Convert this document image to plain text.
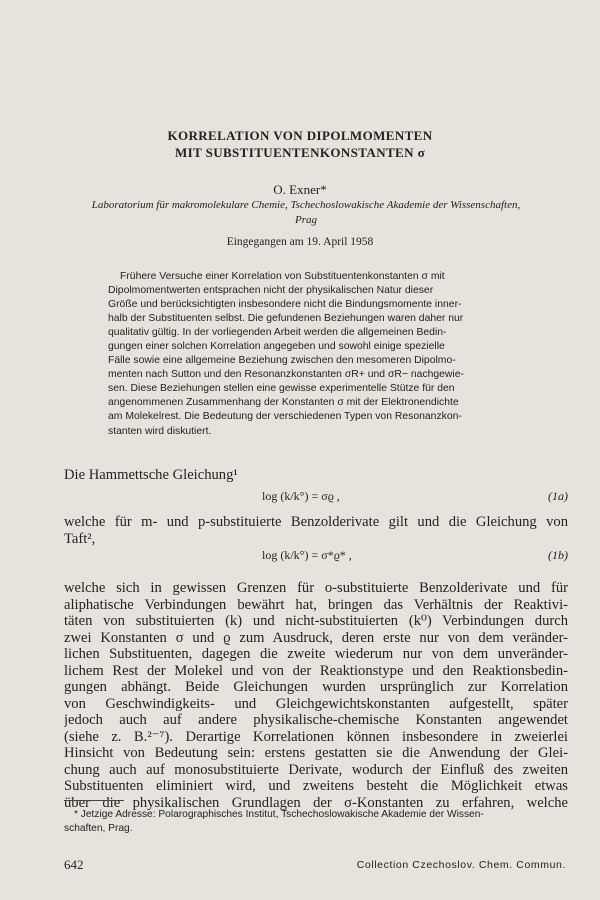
KORRELATION VON DIPOLMOMENTEN
MIT SUBSTITUENTENKONSTANTEN σ
O. Exner*
Laboratorium für makromolekulare Chemie, Tschechoslowakische Akademie der Wissenschaften,
Prag
Eingegangen am 19. April 1958
Frühere Versuche einer Korrelation von Substituentenkonstanten σ mit
Dipolmomentwerten entsprachen nicht der physikalischen Natur dieser
Größe und berücksichtigten insbesondere nicht die Bindungsmomente inner-
halb der Substituenten selbst. Die gefundenen Beziehungen waren daher nur
qualitativ gültig. In der vorliegenden Arbeit werden die allgemeinen Bedin-
gungen einer solchen Korrelation angegeben und sowohl einige spezielle
Fälle sowie eine allgemeine Beziehung zwischen den mesomeren Dipolmo-
menten nach Sutton und den Resonanzkonstanten σR+ und σR− nachgewie-
sen. Diese Beziehungen stellen eine gewisse experimentelle Stütze für den
angenommenen Zusammenhang der Konstanten σ mit der Elektronendichte
am Molekelrest. Die Bedeutung der verschiedenen Typen von Resonanzkon-
stanten wird diskutiert.
Die Hammettsche Gleichung¹
log (k/k°) = σϱ ,	(1a)
welche für m- und p-substituierte Benzolderivate gilt und die Gleichung von
Taft²,
log (k/k°) = σ*ϱ* ,	(1b)
welche sich in gewissen Grenzen für o-substituierte Benzolderivate und für
aliphatische Verbindungen bewährt hat, bringen das Verhältnis der Reaktivi-
täten von substituierten (k) und nicht-substituierten (k⁰) Verbindungen durch
zwei Konstanten σ und ϱ zum Ausdruck, deren erste nur von dem veränder-
lichen Substituenten, dagegen die zweite wiederum nur von dem unveränder-
lichem Rest der Molekel und von der Reaktionstype und den Reaktionsbedin-
gungen abhängt. Beide Gleichungen wurden ursprünglich zur Korrelation
von Geschwindigkeits- und Gleichgewichtskonstanten aufgestellt, später
jedoch auch auf andere physikalische-chemische Konstanten angewendet
(siehe z. B.²⁻⁷). Derartige Korrelationen können insbesondere in zweierlei
Hinsicht von Bedeutung sein: erstens gestatten sie die Anwendung der Glei-
chung auch auf monosubstituierte Derivate, wodurch der Einfluß des zweiten
Substituenten eliminiert wird, und zweitens besteht die Möglichkeit etwas
über die physikalischen Grundlagen der σ-Konstanten zu erfahren, welche
* Jetzige Adresse: Polarographisches Institut, Tschechoslowakische Akademie der Wissen-
schaften, Prag.
642	Collection Czechoslov. Chem. Commun.
